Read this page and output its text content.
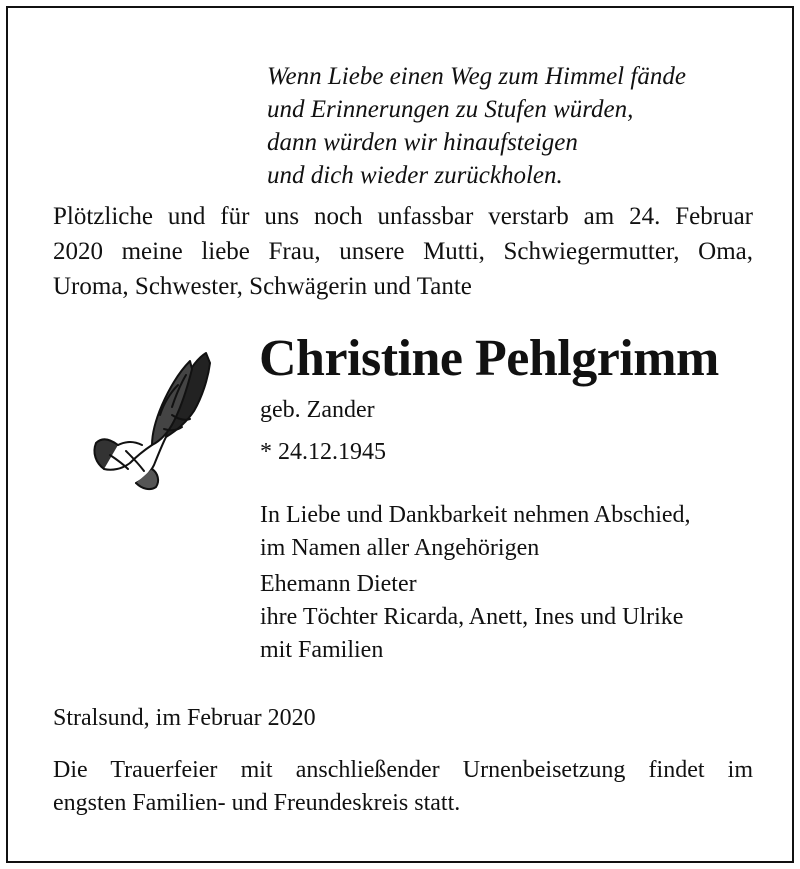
Wenn Liebe einen Weg zum Himmel fände
und Erinnerungen zu Stufen würden,
dann würden wir hinaufsteigen
und dich wieder zurückholen.
Plötzliche und für uns noch unfassbar verstarb am 24. Februar
2020 meine liebe Frau, unsere Mutti, Schwiegermutter, Oma,
Uroma, Schwester, Schwägerin und Tante
Christine Pehlgrimm
geb. Zander
* 24.12.1945
In Liebe und Dankbarkeit nehmen Abschied,
im Namen aller Angehörigen
Ehemann Dieter
ihre Töchter Ricarda, Anett, Ines und Ulrike
mit Familien
Stralsund, im Februar 2020
Die Trauerfeier mit anschließender Urnenbeisetzung findet im
engsten Familien- und Freundeskreis statt.
